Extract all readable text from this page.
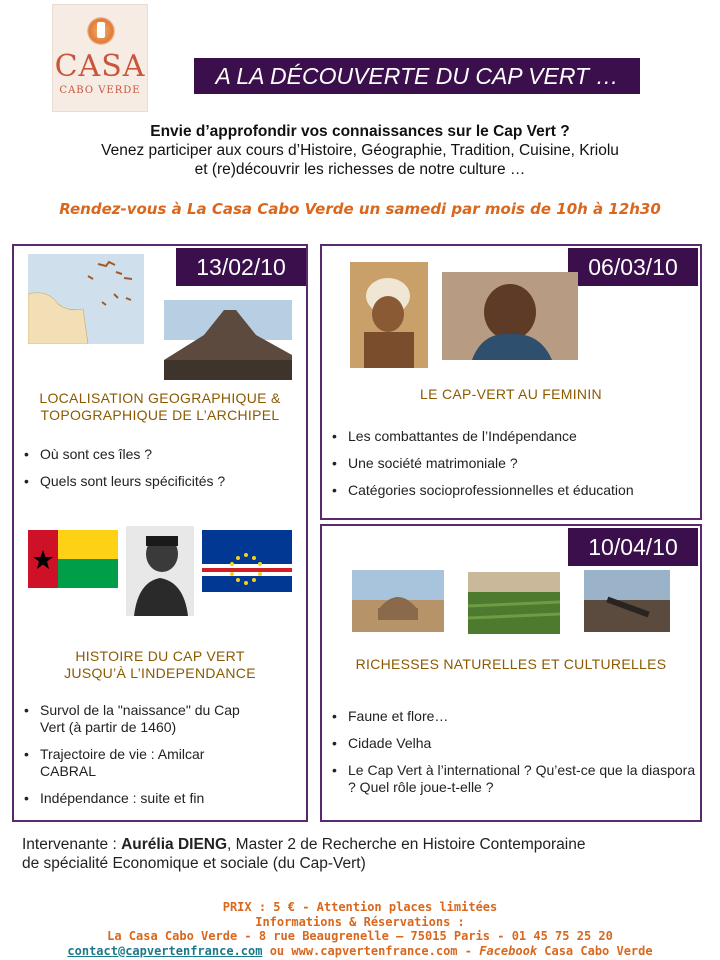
CASA
CABO VERDE
A LA DÉCOUVERTE DU CAP VERT …
Envie d’approfondir vos connaissances sur le Cap Vert ?
Venez participer aux cours d’Histoire, Géographie, Tradition, Cuisine, Kriolu
et (re)découvrir les richesses de notre culture …
Rendez-vous à La Casa Cabo Verde un samedi par mois de 10h à 12h30
13/02/10
LOCALISATION GEOGRAPHIQUE &
TOPOGRAPHIQUE DE L’ARCHIPEL
• Où sont ces îles ?
• Quels sont leurs spécificités ?
HISTOIRE DU CAP VERT
JUSQU’À L’INDEPENDANCE
• Survol de la "naissance" du Cap Vert (à partir de 1460)
• Trajectoire de vie : Amilcar CABRAL
• Indépendance : suite et fin
06/03/10
LE CAP-VERT AU FEMININ
• Les combattantes de l’Indépendance
• Une société matrimoniale ?
• Catégories socioprofessionnelles et éducation
10/04/10
RICHESSES NATURELLES ET CULTURELLES
• Faune et flore…
• Cidade Velha
• Le Cap Vert à l’international ? Qu’est-ce que la diaspora ? Quel rôle joue-t-elle ?
Intervenante : Aurélia DIENG, Master 2 de Recherche en Histoire Contemporaine
de spécialité Economique et sociale (du Cap-Vert)
PRIX : 5 € - Attention places limitées
Informations & Réservations :
La Casa Cabo Verde - 8 rue Beaugrenelle – 75015 Paris - 01 45 75 25 20
contact@capvertenfrance.com ou www.capvertenfrance.com - Facebook Casa Cabo Verde
